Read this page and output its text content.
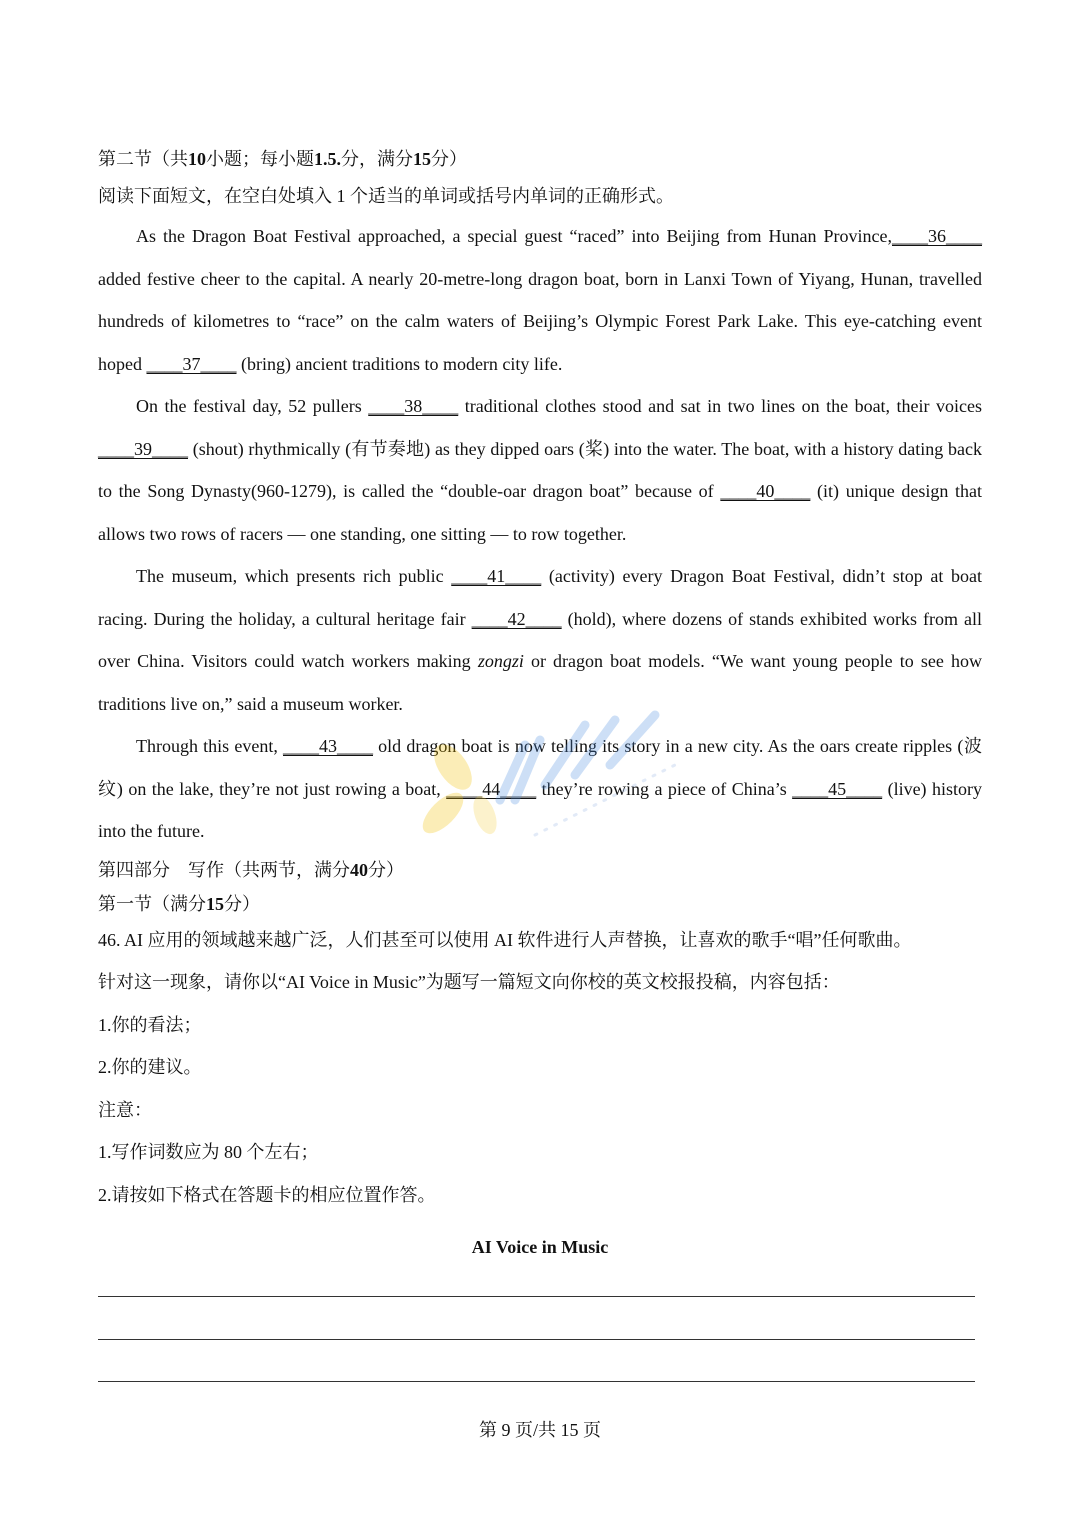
第二节（共10小题；每小题1.5.分，满分15分）
阅读下面短文，在空白处填入 1 个适当的单词或括号内单词的正确形式。

As the Dragon Boat Festival approached, a special guest “raced” into Beijing from Hunan Province,____36____ added festive cheer to the capital. A nearly 20-metre-long dragon boat, born in Lanxi Town of Yiyang, Hunan, travelled hundreds of kilometres to “race” on the calm waters of Beijing’s Olympic Forest Park Lake. This eye-catching event hoped ____37____ (bring) ancient traditions to modern city life.

On the festival day, 52 pullers ____38____ traditional clothes stood and sat in two lines on the boat, their voices ____39____ (shout) rhythmically (有节奏地) as they dipped oars (桨) into the water. The boat, with a history dating back to the Song Dynasty(960-1279), is called the “double-oar dragon boat” because of ____40____ (it) unique design that allows two rows of racers — one standing, one sitting — to row together.

The museum, which presents rich public ____41____ (activity) every Dragon Boat Festival, didn’t stop at boat racing. During the holiday, a cultural heritage fair ____42____ (hold), where dozens of stands exhibited works from all over China. Visitors could watch workers making zongzi or dragon boat models. “We want young people to see how traditions live on,” said a museum worker.

Through this event, ____43____ old dragon boat is now telling its story in a new city. As the oars create ripples (波纹) on the lake, they’re not just rowing a boat, ____44____ they’re rowing a piece of China’s ____45____ (live) history into the future.

第四部分　写作（共两节，满分40分）
第一节（满分15分）

46. AI 应用的领域越来越广泛，人们甚至可以使用 AI 软件进行人声替换，让喜欢的歌手“唱”任何歌曲。

针对这一现象，请你以“AI Voice in Music”为题写一篇短文向你校的英文校报投稿，内容包括：

1.你的看法；

2.你的建议。

注意：

1.写作词数应为 80 个左右；

2.请按如下格式在答题卡的相应位置作答。

AI Voice in Music
第 9 页/共 15 页
